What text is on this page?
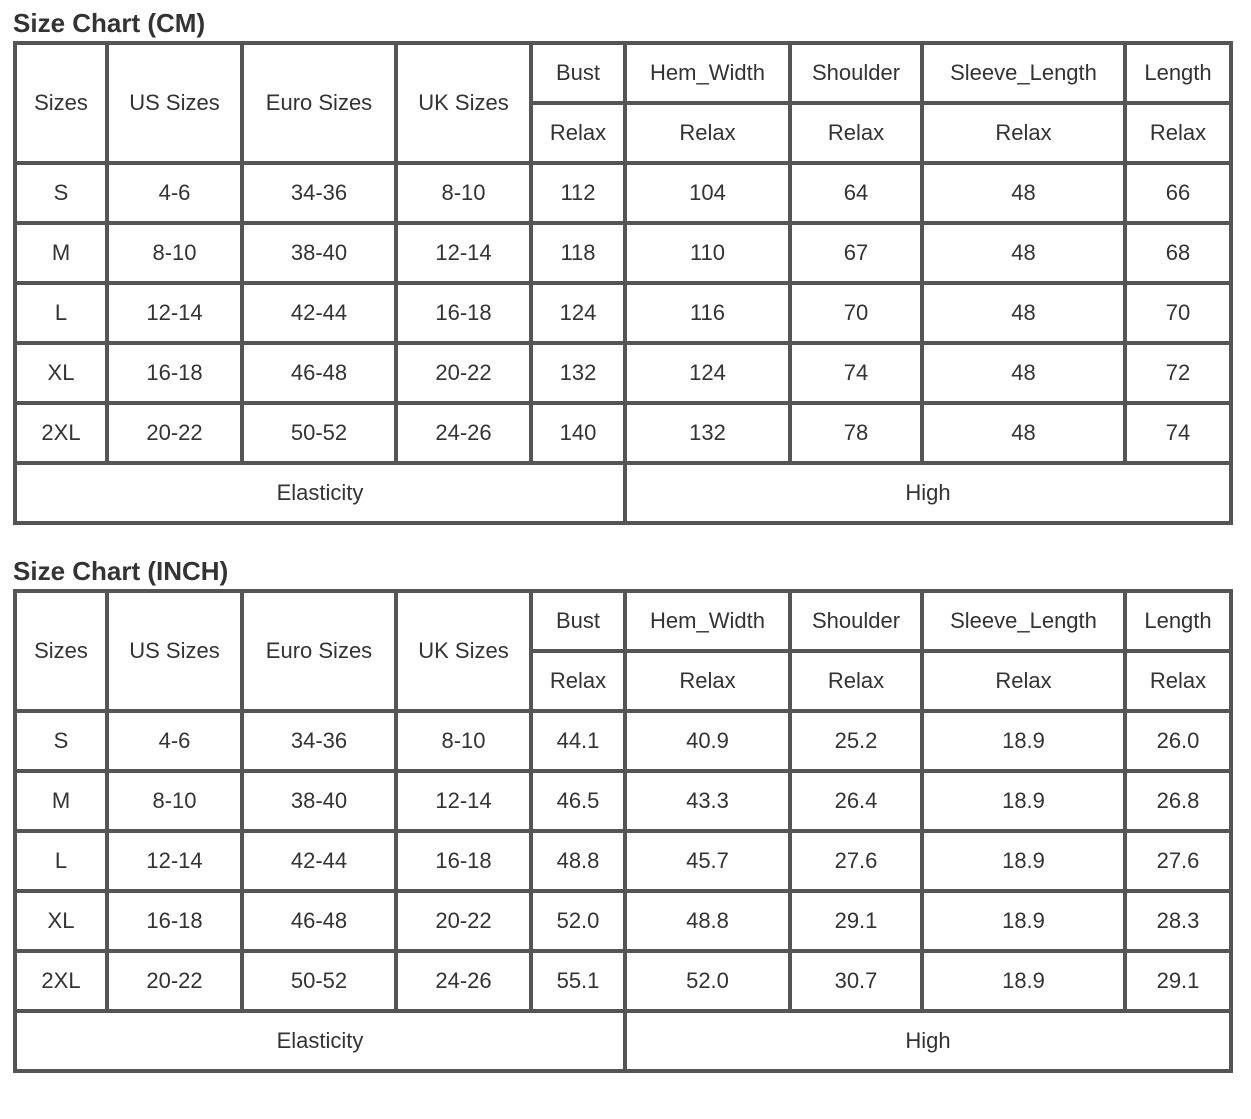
Size Chart (CM)
Sizes	US Sizes	Euro Sizes	UK Sizes	Bust	Hem_Width	Shoulder	Sleeve_Length	Length
				Relax	Relax	Relax	Relax	Relax
S	4-6	34-36	8-10	112	104	64	48	66
M	8-10	38-40	12-14	118	110	67	48	68
L	12-14	42-44	16-18	124	116	70	48	70
XL	16-18	46-48	20-22	132	124	74	48	72
2XL	20-22	50-52	24-26	140	132	78	48	74
Elasticity					High			
Size Chart (INCH)
Sizes	US Sizes	Euro Sizes	UK Sizes	Bust	Hem_Width	Shoulder	Sleeve_Length	Length
				Relax	Relax	Relax	Relax	Relax
S	4-6	34-36	8-10	44.1	40.9	25.2	18.9	26.0
M	8-10	38-40	12-14	46.5	43.3	26.4	18.9	26.8
L	12-14	42-44	16-18	48.8	45.7	27.6	18.9	27.6
XL	16-18	46-48	20-22	52.0	48.8	29.1	18.9	28.3
2XL	20-22	50-52	24-26	55.1	52.0	30.7	18.9	29.1
Elasticity					High			
